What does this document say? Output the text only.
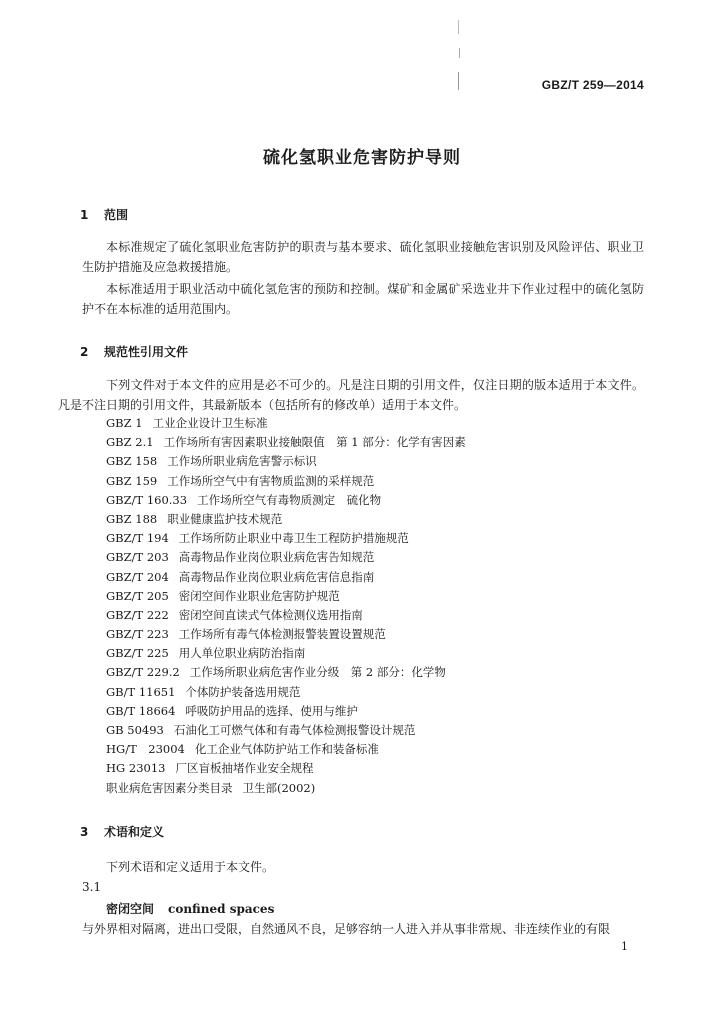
GBZ/T 259—2014
硫化氢职业危害防护导则
1 范围
本标准规定了硫化氢职业危害防护的职责与基本要求、硫化氢职业接触危害识别及风险评估、职业卫生防护措施及应急救援措施。
本标准适用于职业活动中硫化氢危害的预防和控制。煤矿和金属矿采选业井下作业过程中的硫化氢防护不在本标准的适用范围内。
2 规范性引用文件
下列文件对于本文件的应用是必不可少的。凡是注日期的引用文件，仅注日期的版本适用于本文件。凡是不注日期的引用文件，其最新版本（包括所有的修改单）适用于本文件。
GBZ 1 工业企业设计卫生标准
GBZ 2.1 工作场所有害因素职业接触限值　第 1 部分：化学有害因素
GBZ 158 工作场所职业病危害警示标识
GBZ 159 工作场所空气中有害物质监测的采样规范
GBZ/T 160.33 工作场所空气有毒物质测定　硫化物
GBZ 188 职业健康监护技术规范
GBZ/T 194 工作场所防止职业中毒卫生工程防护措施规范
GBZ/T 203 高毒物品作业岗位职业病危害告知规范
GBZ/T 204 高毒物品作业岗位职业病危害信息指南
GBZ/T 205 密闭空间作业职业危害防护规范
GBZ/T 222 密闭空间直读式气体检测仪选用指南
GBZ/T 223 工作场所有毒气体检测报警装置设置规范
GBZ/T 225 用人单位职业病防治指南
GBZ/T 229.2 工作场所职业病危害作业分级　第 2 部分：化学物
GB/T 11651 个体防护装备选用规范
GB/T 18664 呼吸防护用品的选择、使用与维护
GB 50493 石油化工可燃气体和有毒气体检测报警设计规范
HG/T　23004 化工企业气体防护站工作和装备标准
HG 23013 厂区盲板抽堵作业安全规程
职业病危害因素分类目录 卫生部(2002)
3 术语和定义
下列术语和定义适用于本文件。
3.1
密闭空间 confined spaces
与外界相对隔离，进出口受限，自然通风不良，足够容纳一人进入并从事非常规、非连续作业的有限
1
